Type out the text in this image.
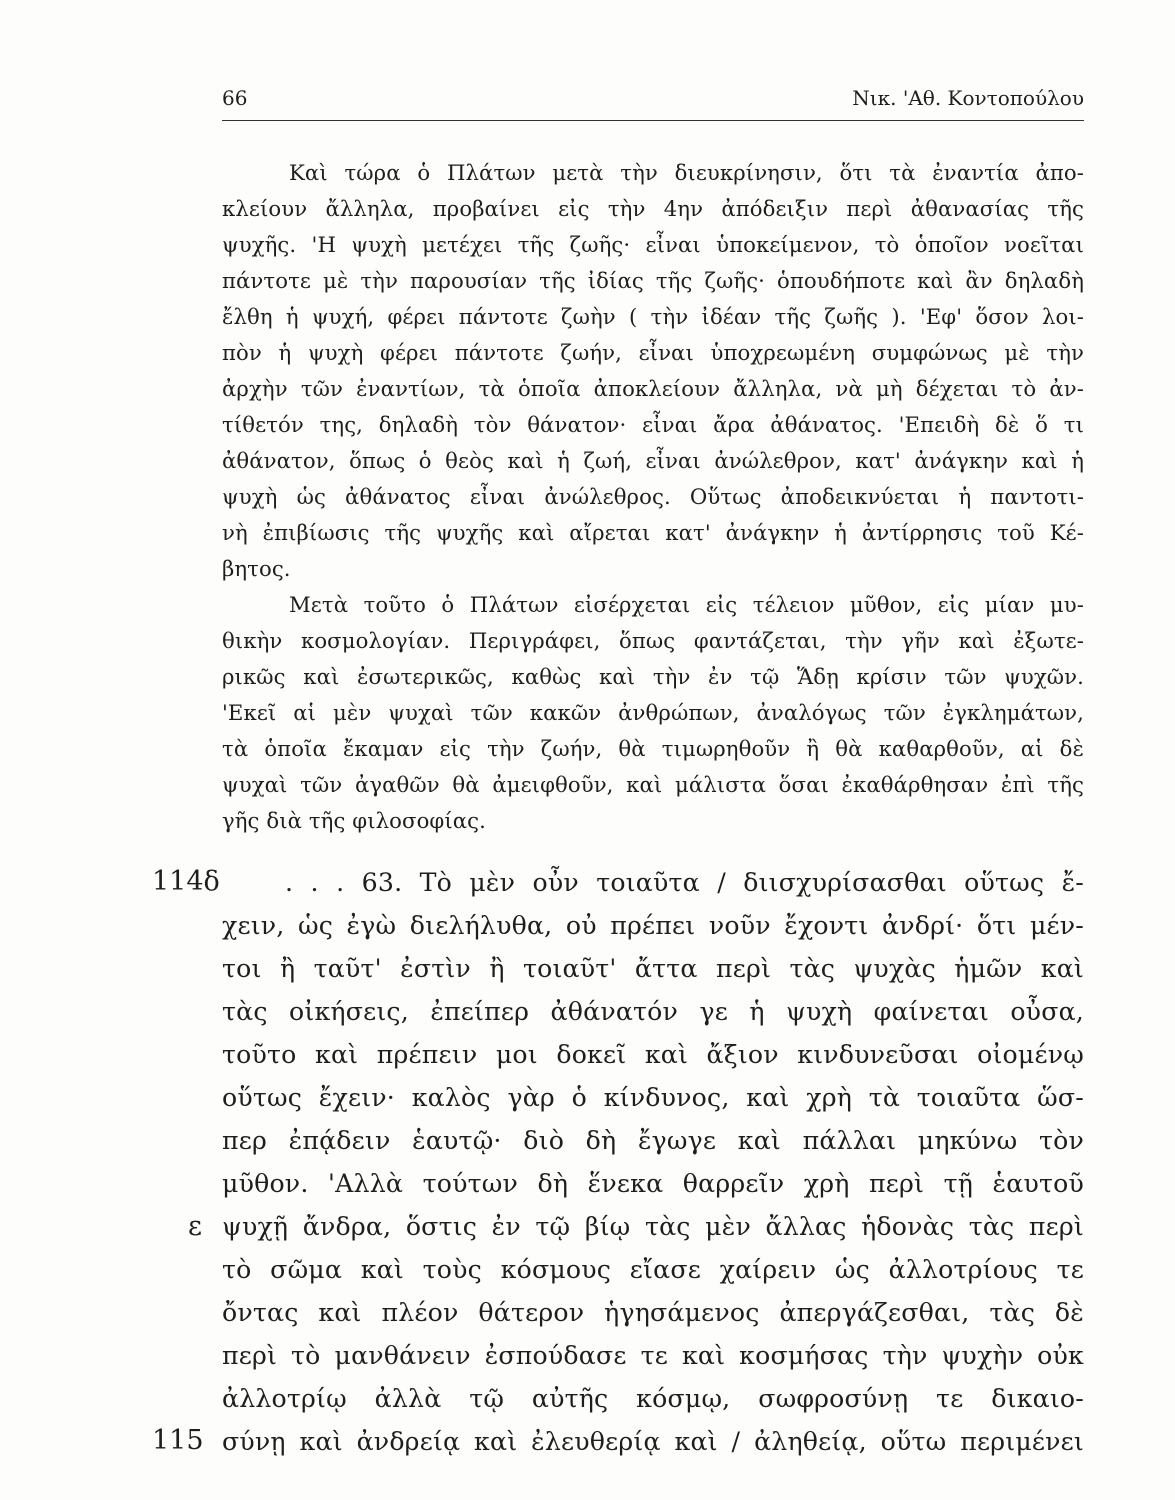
66	Νικ. 'Αθ. Κοντοπούλου
Καὶ τώρα ὁ Πλάτων μετὰ τὴν διευκρίνησιν, ὅτι τὰ ἐναντία ἀπο-
κλείουν ἄλληλα, προβαίνει εἰς τὴν 4ην ἀπόδειξιν περὶ ἀθανασίας τῆς
ψυχῆς. 'Η ψυχὴ μετέχει τῆς ζωῆς· εἶναι ὑποκείμενον, τὸ ὁποῖον νοεῖται
πάντοτε μὲ τὴν παρουσίαν τῆς ἰδίας τῆς ζωῆς· ὁπουδήποτε καὶ ἂν δηλαδὴ
ἔλθη ἡ ψυχή, φέρει πάντοτε ζωὴν ( τὴν ἰδέαν τῆς ζωῆς ). 'Εφ' ὅσον λοι-
πὸν ἡ ψυχὴ φέρει πάντοτε ζωήν, εἶναι ὑποχρεωμένη συμφώνως μὲ τὴν
ἀρχὴν τῶν ἐναντίων, τὰ ὁποῖα ἀποκλείουν ἄλληλα, νὰ μὴ δέχεται τὸ ἀν-
τίθετόν της, δηλαδὴ τὸν θάνατον· εἶναι ἄρα ἀθάνατος. 'Επειδὴ δὲ ὅ τι
ἀθάνατον, ὅπως ὁ θεὸς καὶ ἡ ζωή, εἶναι ἀνώλεθρον, κατ' ἀνάγκην καὶ ἡ
ψυχὴ ὡς ἀθάνατος εἶναι ἀνώλεθρος. Οὕτως ἀποδεικνύεται ἡ παντοτι-
νὴ ἐπιβίωσις τῆς ψυχῆς καὶ αἴρεται κατ' ἀνάγκην ἡ ἀντίρρησις τοῦ Κέ-
βητος.
Μετὰ τοῦτο ὁ Πλάτων εἰσέρχεται εἰς τέλειον μῦθον, εἰς μίαν μυ-
θικὴν κοσμολογίαν. Περιγράφει, ὅπως φαντάζεται, τὴν γῆν καὶ ἐξωτε-
ρικῶς καὶ ἐσωτερικῶς, καθὼς καὶ τὴν ἐν τῷ Ἅδῃ κρίσιν τῶν ψυχῶν.
'Εκεῖ αἱ μὲν ψυχαὶ τῶν κακῶν ἀνθρώπων, ἀναλόγως τῶν ἐγκλημάτων,
τὰ ὁποῖα ἔκαμαν εἰς τὴν ζωήν, θὰ τιμωρηθοῦν ἢ θὰ καθαρθοῦν, αἱ δὲ
ψυχαὶ τῶν ἀγαθῶν θὰ ἀμειφθοῦν, καὶ μάλιστα ὅσαι ἐκαθάρθησαν ἐπὶ τῆς
γῆς διὰ τῆς φιλοσοφίας.
114δ
ε
115
. . . 63. Τὸ μὲν οὖν τοιαῦτα / διισχυρίσασθαι οὕτως ἔ-
χειν, ὡς ἐγὼ διελήλυθα, οὐ πρέπει νοῦν ἔχοντι ἀνδρί· ὅτι μέν-
τοι ἢ ταῦτ' ἐστὶν ἢ τοιαῦτ' ἄττα περὶ τὰς ψυχὰς ἡμῶν καὶ
τὰς οἰκήσεις, ἐπείπερ ἀθάνατόν γε ἡ ψυχὴ φαίνεται οὖσα,
τοῦτο καὶ πρέπειν μοι δοκεῖ καὶ ἄξιον κινδυνεῦσαι οἰομένῳ
οὕτως ἔχειν· καλὸς γὰρ ὁ κίνδυνος, καὶ χρὴ τὰ τοιαῦτα ὥσ-
περ ἐπᾴδειν ἑαυτῷ· διὸ δὴ ἔγωγε καὶ πάλλαι μηκύνω τὸν
μῦθον. 'Αλλὰ τούτων δὴ ἕνεκα θαρρεῖν χρὴ περὶ τῇ ἑαυτοῦ
ψυχῇ ἄνδρα, ὅστις ἐν τῷ βίῳ τὰς μὲν ἄλλας ἡδονὰς τὰς περὶ
τὸ σῶμα καὶ τοὺς κόσμους εἴασε χαίρειν ὡς ἀλλοτρίους τε
ὄντας καὶ πλέον θάτερον ἡγησάμενος ἀπεργάζεσθαι, τὰς δὲ
περὶ τὸ μανθάνειν ἐσπούδασε τε καὶ κοσμήσας τὴν ψυχὴν οὐκ
ἀλλοτρίῳ ἀλλὰ τῷ αὐτῆς κόσμῳ, σωφροσύνῃ τε δικαιο-
σύνῃ καὶ ἀνδρείᾳ καὶ ἐλευθερίᾳ καὶ / ἀληθείᾳ, οὕτω περιμένει
